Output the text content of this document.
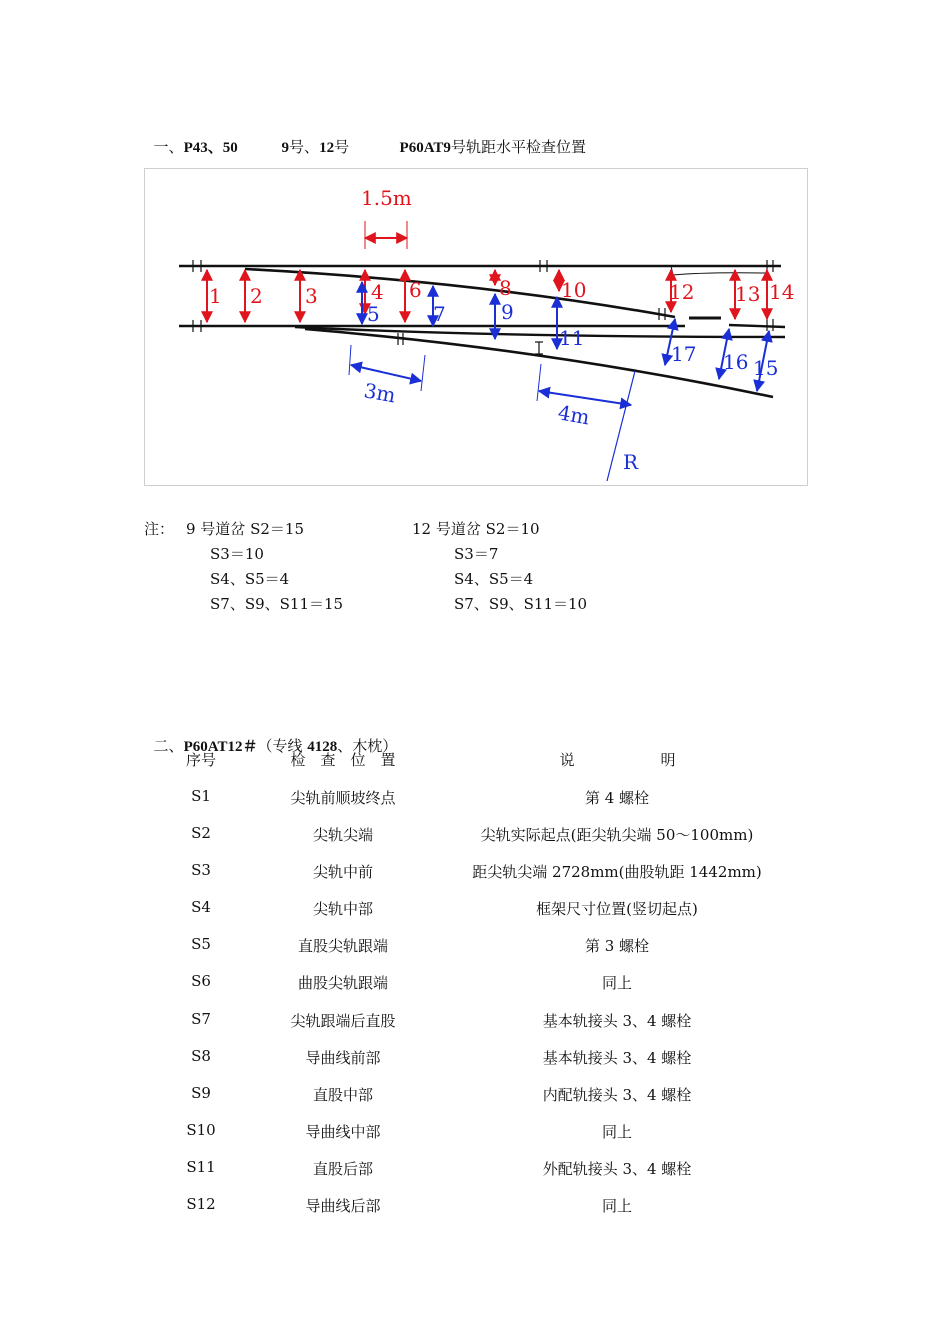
一、P43、50	9号、12号	P60AT9号轨距水平检查位置

1.5m
3m
4m
R
1 2 3	4
5
6
7
8
9
10
11
12 13 14
15
16
17
注： 9 号道岔 S2＝15
S3＝10
S4、S5＝4
S7、S9、S11＝15
12 号道岔 S2＝10
S3＝7
S4、S5＝4
S7、S9、S11＝10

二、P60AT12＃（专线 4128、木枕）

序号	检　查　位　置	说	明
S1	尖轨前顺坡终点	第 4 螺栓
S2	尖轨尖端	尖轨实际起点(距尖轨尖端 50～100mm)
S3	尖轨中前	距尖轨尖端 2728mm(曲股轨距 1442mm)
S4	尖轨中部	框架尺寸位置(竖切起点)
S5	直股尖轨跟端	第 3 螺栓
S6	曲股尖轨跟端	同上
S7	尖轨跟端后直股	基本轨接头 3、4 螺栓
S8	导曲线前部	基本轨接头 3、4 螺栓
S9	直股中部	内配轨接头 3、4 螺栓
S10	导曲线中部	同上
S11	直股后部	外配轨接头 3、4 螺栓
S12	导曲线后部	同上
